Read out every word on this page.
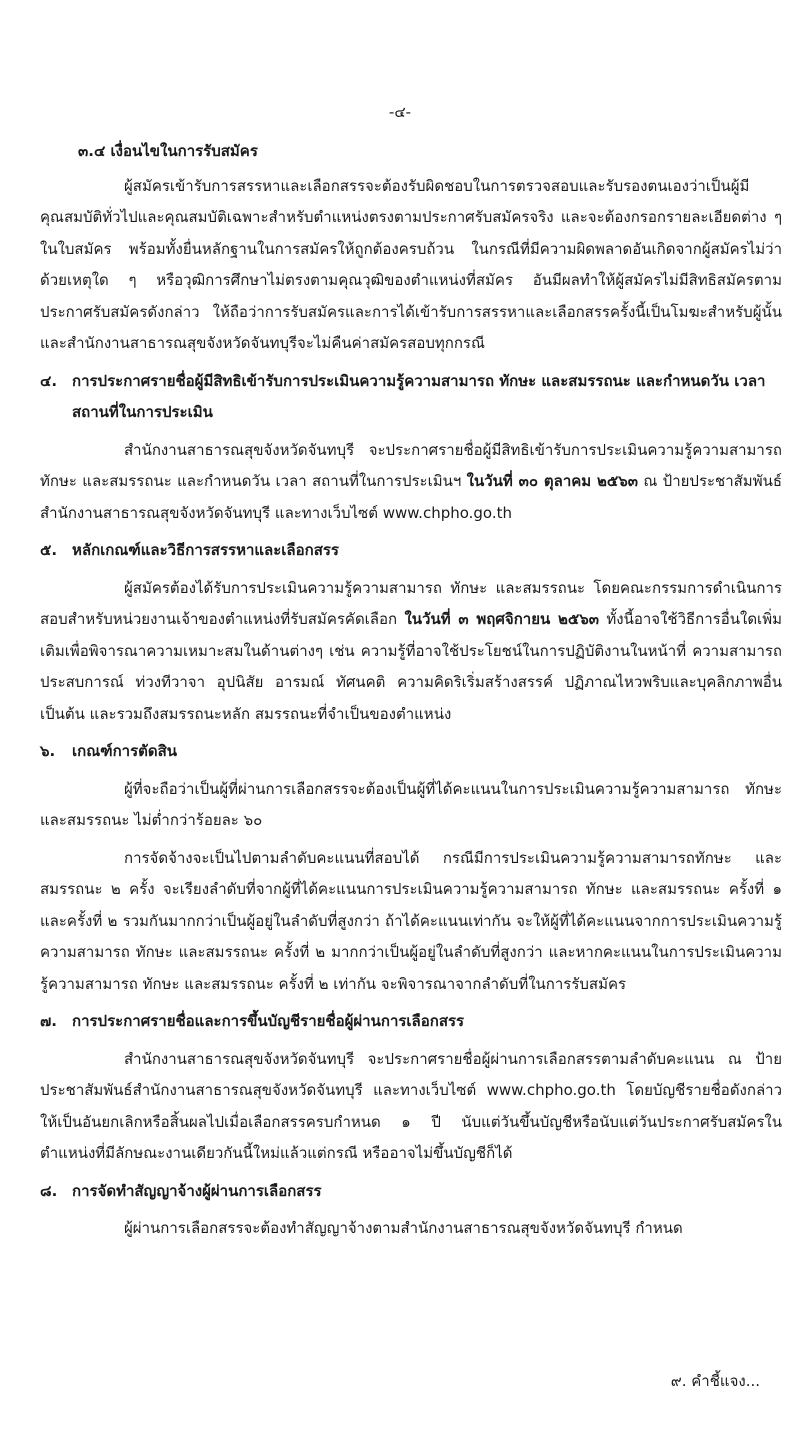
-๔-

๓.๔ เงื่อนไขในการรับสมัคร

ผู้สมัครเข้ารับการสรรหาและเลือกสรรจะต้องรับผิดชอบในการตรวจสอบและรับรองตนเองว่าเป็นผู้มีคุณสมบัติทั่วไปและคุณสมบัติเฉพาะสำหรับตำแหน่งตรงตามประกาศรับสมัครจริง และจะต้องกรอกรายละเอียดต่าง ๆ ในใบสมัคร พร้อมทั้งยื่นหลักฐานในการสมัครให้ถูกต้องครบถ้วน ในกรณีที่มีความผิดพลาดอันเกิดจากผู้สมัครไม่ว่าด้วยเหตุใด ๆ หรือวุฒิการศึกษาไม่ตรงตามคุณวุฒิของตำแหน่งที่สมัคร อันมีผลทำให้ผู้สมัครไม่มีสิทธิสมัครตามประกาศรับสมัครดังกล่าว ให้ถือว่าการรับสมัครและการได้เข้ารับการสรรหาและเลือกสรรครั้งนี้เป็นโมฆะสำหรับผู้นั้น และสำนักงานสาธารณสุขจังหวัดจันทบุรีจะไม่คืนค่าสมัครสอบทุกกรณี

๔. การประกาศรายชื่อผู้มีสิทธิเข้ารับการประเมินความรู้ความสามารถ ทักษะ และสมรรถนะ และกำหนดวัน เวลา สถานที่ในการประเมิน

สำนักงานสาธารณสุขจังหวัดจันทบุรี จะประกาศรายชื่อผู้มีสิทธิเข้ารับการประเมินความรู้ความสามารถ ทักษะ และสมรรถนะ และกำหนดวัน เวลา สถานที่ในการประเมินฯ ในวันที่ ๓๐ ตุลาคม ๒๕๖๓ ณ ป้ายประชาสัมพันธ์สำนักงานสาธารณสุขจังหวัดจันทบุรี และทางเว็บไซต์ www.chpho.go.th

๕. หลักเกณฑ์และวิธีการสรรหาและเลือกสรร

ผู้สมัครต้องได้รับการประเมินความรู้ความสามารถ ทักษะ และสมรรถนะ โดยคณะกรรมการดำเนินการสอบสำหรับหน่วยงานเจ้าของตำแหน่งที่รับสมัครคัดเลือก ในวันที่ ๓ พฤศจิกายน ๒๕๖๓ ทั้งนี้อาจใช้วิธีการอื่นใดเพิ่มเติมเพื่อพิจารณาความเหมาะสมในด้านต่างๆ เช่น ความรู้ที่อาจใช้ประโยชน์ในการปฏิบัติงานในหน้าที่ ความสามารถ ประสบการณ์ ท่วงทีวาจา อุปนิสัย อารมณ์ ทัศนคติ ความคิดริเริ่มสร้างสรรค์ ปฏิภาณไหวพริบและบุคลิกภาพอื่นเป็นต้น และรวมถึงสมรรถนะหลัก สมรรถนะที่จำเป็นของตำแหน่ง

๖.	เกณฑ์การตัดสิน

ผู้ที่จะถือว่าเป็นผู้ที่ผ่านการเลือกสรรจะต้องเป็นผู้ที่ได้คะแนนในการประเมินความรู้ความสามารถ ทักษะ และสมรรถนะ ไม่ต่ำกว่าร้อยละ ๖๐

การจัดจ้างจะเป็นไปตามลำดับคะแนนที่สอบได้ กรณีมีการประเมินความรู้ความสามารถทักษะ และสมรรถนะ ๒ ครั้ง จะเรียงลำดับที่จากผู้ที่ได้คะแนนการประเมินความรู้ความสามารถ ทักษะ และสมรรถนะ ครั้งที่ ๑ และครั้งที่ ๒ รวมกันมากกว่าเป็นผู้อยู่ในลำดับที่สูงกว่า ถ้าได้คะแนนเท่ากัน จะให้ผู้ที่ได้คะแนนจากการประเมินความรู้ความสามารถ ทักษะ และสมรรถนะ ครั้งที่ ๒ มากกว่าเป็นผู้อยู่ในลำดับที่สูงกว่า และหากคะแนนในการประเมินความรู้ความสามารถ ทักษะ และสมรรถนะ ครั้งที่ ๒ เท่ากัน จะพิจารณาจากลำดับที่ในการรับสมัคร

๗.	การประกาศรายชื่อและการขึ้นบัญชีรายชื่อผู้ผ่านการเลือกสรร

สำนักงานสาธารณสุขจังหวัดจันทบุรี จะประกาศรายชื่อผู้ผ่านการเลือกสรรตามลำดับคะแนน ณ ป้ายประชาสัมพันธ์สำนักงานสาธารณสุขจังหวัดจันทบุรี และทางเว็บไซต์ www.chpho.go.th โดยบัญชีรายชื่อดังกล่าวให้เป็นอันยกเลิกหรือสิ้นผลไปเมื่อเลือกสรรครบกำหนด ๑ ปี นับแต่วันขึ้นบัญชีหรือนับแต่วันประกาศรับสมัครในตำแหน่งที่มีลักษณะงานเดียวกันนี้ใหม่แล้วแต่กรณี หรืออาจไม่ขึ้นบัญชีก็ได้

๘. การจัดทำสัญญาจ้างผู้ผ่านการเลือกสรร

ผู้ผ่านการเลือกสรรจะต้องทำสัญญาจ้างตามสำนักงานสาธารณสุขจังหวัดจันทบุรี กำหนด

๙. คำชี้แจง...
